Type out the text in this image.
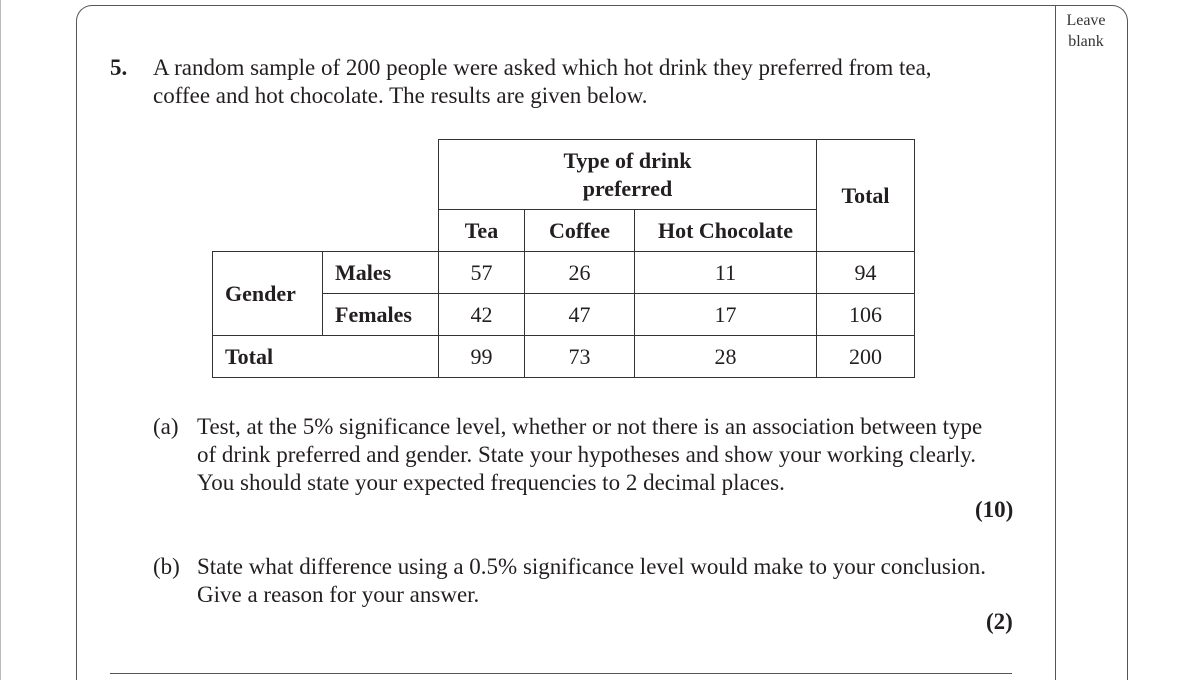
Leave
blank
5. A random sample of 200 people were asked which hot drink they preferred from tea,

coffee and hot chocolate. The results are given below.

		Type of drink
preferred			Total
		Tea	Coffee	Hot Chocolate	
Gender	Males	57	26	11	94
	Females	42	47	17	106
Total		99	73	28	200
(a) Test, at the 5% significance level, whether or not there is an association between type
of drink preferred and gender. State your hypotheses and show your working clearly.
You should state your expected frequencies to 2 decimal places.
(10)
(b) State what difference using a 0.5% significance level would make to your conclusion.
Give a reason for your answer.
(2)
